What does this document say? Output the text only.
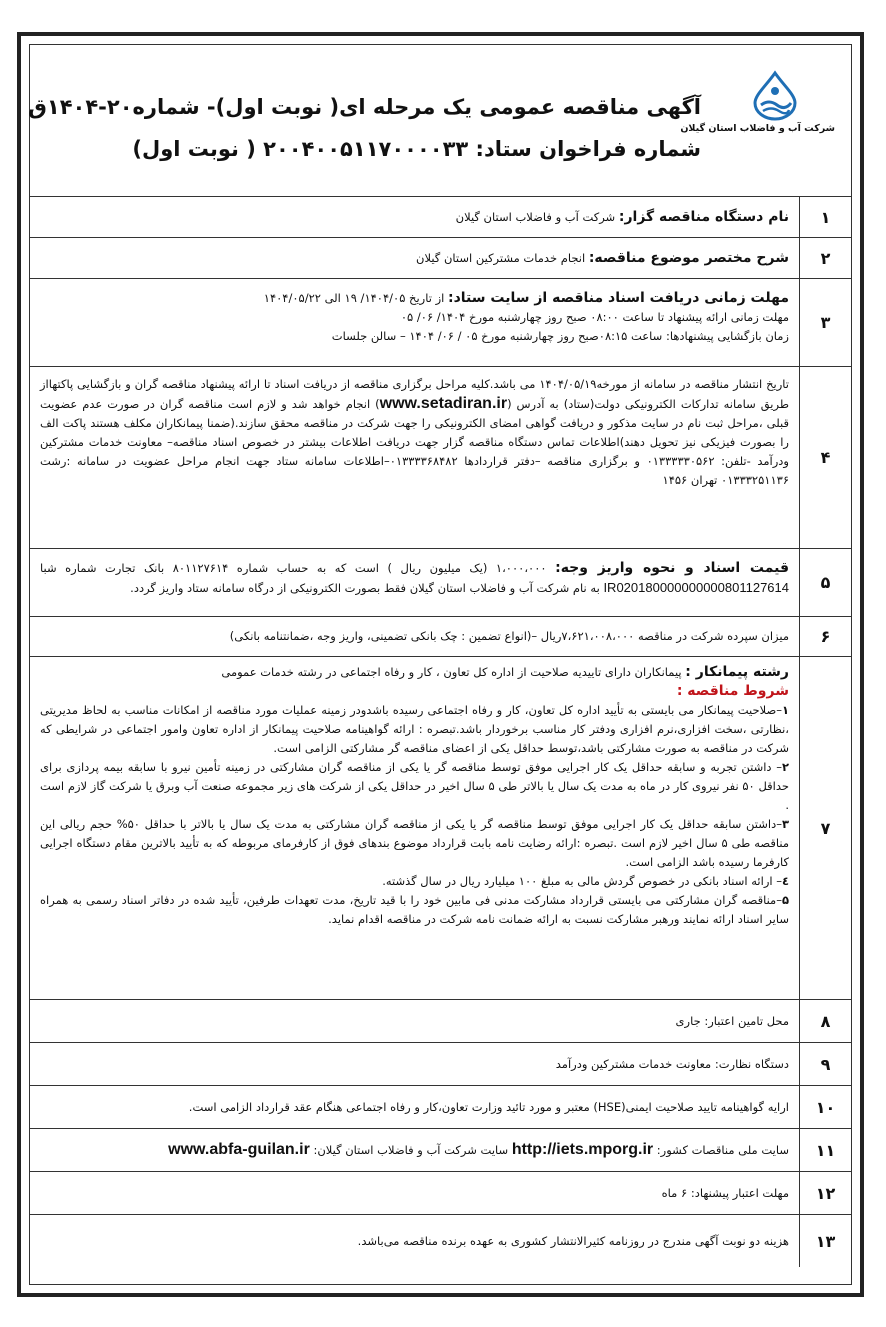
شرکت آب و فاضلاب استان گیلان
آگهی مناقصه عمومی یک مرحله ای( نوبت اول)- شماره۲۰-۱۴۰۴ق
شماره فراخوان ستاد: ۲۰۰۴۰۰۵۱۱۷۰۰۰۰۳۳ ( نوبت اول)
۱

نام دستگاه مناقصه گزار: شرکت آب و فاضلاب استان گیلان

۲

شرح مختصر موضوع مناقصه: انجام خدمات مشترکین استان گیلان

۳

مهلت زمانی دریافت اسناد مناقصه از سایت ستاد: از تاریخ ۱۴۰۴/۰۵/ ۱۹ الی ۱۴۰۴/۰۵/۲۲

مهلت زمانی ارائه پیشنهاد تا ساعت ۰۸:۰۰ صبح روز چهارشنبه مورخ ۱۴۰۴/ ۰۶/ ۰۵

زمان بازگشایی پیشنهادها: ساعت ۰۸:۱۵صبح روز چهارشنبه مورخ ۰۵ / ۰۶/ ۱۴۰۴ – سالن جلسات

۴

تاریخ انتشار مناقصه در سامانه از مورخه۱۴۰۴/۰۵/۱۹ می باشد.کلیه مراحل برگزاری مناقصه از دریافت اسناد تا ارائه پیشنهاد مناقصه گران و بازگشایی پاکتهااز طریق سامانه تدارکات الکترونیکی دولت(ستاد) به آدرس (www.setadiran.ir) انجام خواهد شد و لازم است مناقصه گران در صورت عدم عضویت قبلی ،مراحل ثبت نام در سایت مذکور و دریافت گواهی امضای الکترونیکی را جهت شرکت در مناقصه محقق سازند.(ضمنا پیمانکاران مکلف هستند پاکت الف را بصورت فیزیکی نیز تحویل دهند)اطلاعات تماس دستگاه مناقصه گزار جهت دریافت اطلاعات بیشتر در خصوص اسناد مناقصه– معاونت خدمات مشترکین ودرآمد -تلفن: ۰۱۳۳۳۳۳۰۵۶۲ و برگزاری مناقصه –دفتر قراردادها ۰۱۳۳۳۳۶۸۴۸۲–اطلاعات سامانه ستاد جهت انجام مراحل عضویت در سامانه :رشت ۰۱۳۳۳۲۵۱۱۳۶ تهران ۱۴۵۶

۵

قیمت اسناد و نحوه واریز وجه: ۱،۰۰۰،۰۰۰ (یک میلیون ریال ) است که به حساب شماره ۸۰۱۱۲۷۶۱۴ بانک تجارت شماره شبا IR020180000000000801127614 به نام شرکت آب و فاضلاب استان گیلان فقط بصورت الکترونیکی از درگاه سامانه ستاد واریز گردد.

۶

میزان سپرده شرکت در مناقصه ۷،۶۲۱،۰۰۸،۰۰۰ریال –(انواع تضمین : چک بانکی تضمینی، واریز وجه ،ضمانتنامه بانکی)

۷

رشته پیمانکار : پیمانکاران دارای تاییدیه صلاحیت از اداره کل تعاون ، کار و رفاه اجتماعی در رشته خدمات عمومی

شروط مناقصه :

۱–صلاحیت پیمانکار می بایستی به تأیید اداره کل تعاون، کار و رفاه اجتماعی رسیده باشدودر زمینه عملیات مورد مناقصه از امکانات مناسب به لحاظ مدیریتی ،نظارتی ،سخت افزاری،نرم افزاری ودفتر کار مناسب برخوردار باشد.تبصره : ارائه گواهینامه صلاحیت پیمانکار از اداره تعاون وامور اجتماعی در شرایطی که شرکت در مناقصه به صورت مشارکتی باشد،توسط حداقل یکی از اعضای مناقصه گر مشارکتی الزامی است.

۲– داشتن تجربه و سابقه حداقل یک کار اجرایی موفق توسط مناقصه گر یا یکی از مناقصه گران مشارکتی در زمینه تأمین نیرو با سابقه بیمه پردازی برای حداقل ۵۰ نفر نیروی کار در ماه به مدت یک سال یا بالاتر طی ۵ سال اخیر در حداقل یکی از شرکت های زیر مجموعه صنعت آب وبرق یا شرکت گاز لازم است .

۳–داشتن سابقه حداقل یک کار اجرایی موفق توسط مناقصه گر یا یکی از مناقصه گران مشارکتی به مدت یک سال یا بالاتر با حداقل ۵۰% حجم ریالی این مناقصه طی ۵ سال اخیر لازم است .تبصره :ارائه رضایت نامه بابت قرارداد موضوع بندهای فوق از کارفرمای مربوطه که به تأیید بالاترین مقام دستگاه اجرایی کارفرما رسیده باشد الزامی است.

٤– ارائه اسناد بانکی در خصوص گردش مالی به مبلغ ۱۰۰ میلیارد ریال در سال گذشته.

۵–مناقصه گران مشارکتی می بایستی قرارداد مشارکت مدنی فی مابین خود را با قید تاریخ، مدت تعهدات طرفین، تأیید شده در دفاتر اسناد رسمی به همراه سایر اسناد ارائه نمایند ورهبر مشارکت نسبت به ارائه ضمانت نامه شرکت در مناقصه اقدام نماید.

۸

محل تامین اعتبار: جاری

۹

دستگاه نظارت: معاونت خدمات مشترکین ودرآمد

۱۰

ارایه گواهینامه تایید صلاحیت ایمنی(HSE) معتبر و مورد تائید وزارت تعاون،کار و رفاه اجتماعی هنگام عقد قرارداد الزامی است.

۱۱

سایت ملی مناقصات کشور: http://iets.mporg.ir سایت شرکت آب و فاضلاب استان گیلان: www.abfa-guilan.ir

۱۲

مهلت اعتبار پیشنهاد: ۶ ماه

۱۳

هزینه دو نوبت آگهی مندرج در روزنامه کثیرالانتشار کشوری به عهده برنده مناقصه می‌باشد.
